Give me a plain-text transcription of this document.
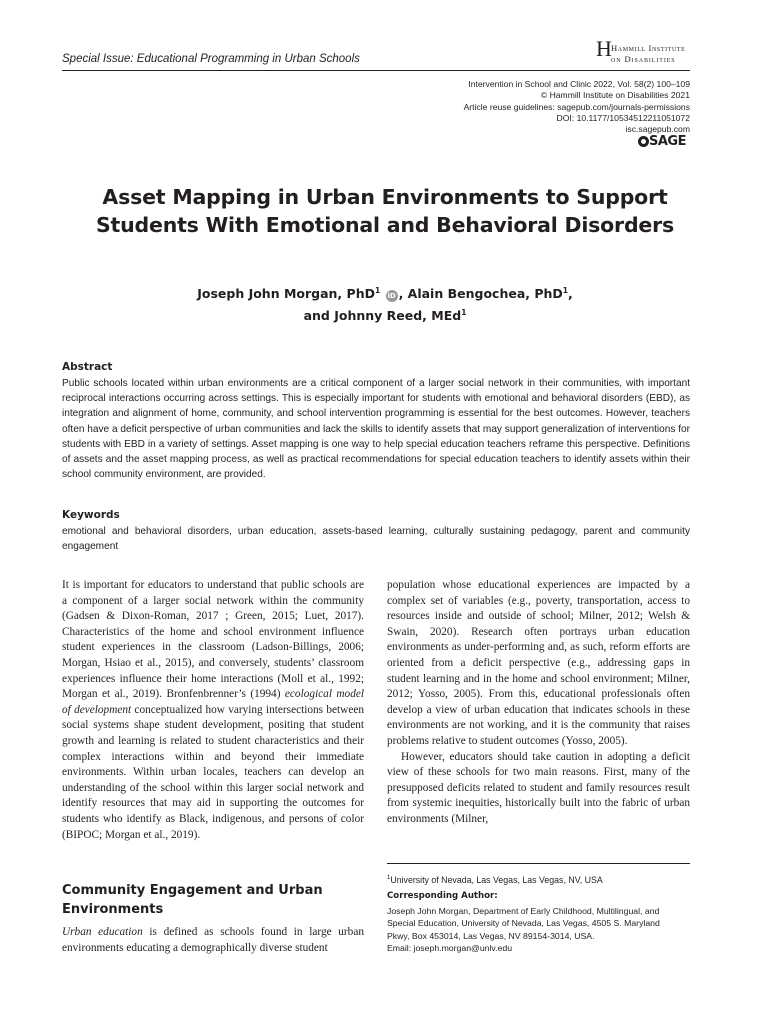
Special Issue: Educational Programming in Urban Schools	H Hammill Institute
on Disabilities
Intervention in School and Clinic 2022, Vol. 58(2) 100–109
© Hammill Institute on Disabilities 2021
Article reuse guidelines: sagepub.com/journals-permissions
DOI: 10.1177/10534512211051072
isc.sagepub.com
SAGE
Asset Mapping in Urban Environments to Support
Students With Emotional and Behavioral Disorders
Joseph John Morgan, PhD$^1$ iD , Alain Bengochea, PhD$^1$,
and Johnny Reed, MEd$^1$
Abstract
Public schools located within urban environments are a critical component of a larger social network in their communities, with important reciprocal interactions occurring across settings. This is especially important for students with emotional and behavioral disorders (EBD), as integration and alignment of home, community, and school intervention programming is essential for the best outcomes. However, teachers often have a deficit perspective of urban communities and lack the skills to identify assets that may support generalization of interventions for students with EBD in a variety of settings. Asset mapping is one way to help special education teachers reframe this perspective. Definitions of assets and the asset mapping process, as well as practical recommendations for special education teachers to identify assets within their school community environment, are provided.
Keywords
emotional and behavioral disorders, urban education, assets-based learning, culturally sustaining pedagogy, parent and community engagement

It is important for educators to understand that public schools are a component of a larger social network within the community (Gadsen & Dixon-Roman, 2017 ; Green, 2015; Luet, 2017). Characteristics of the home and school environment influence student experiences in the classroom (Ladson-Billings, 2006; Morgan, Hsiao et al., 2015), and conversely, students’ classroom experiences influence their home interactions (Moll et al., 1992; Morgan et al., 2019). Bronfenbrenner’s (1994) ecological model of development conceptualized how varying intersections between social systems shape student development, positing that student growth and learning is related to student characteristics and their complex interactions within and beyond their immediate environments. Within urban locales, teachers can develop an understanding of the school within this larger social network and identify resources that may aid in supporting the outcomes for students who identify as Black, indigenous, and persons of color (BIPOC; Morgan et al., 2019).

Community Engagement and Urban Environments

Urban education is defined as schools found in large urban environments educating a demographically diverse student

population whose educational experiences are impacted by a complex set of variables (e.g., poverty, transportation, access to resources inside and outside of school; Milner, 2012; Welsh & Swain, 2020). Research often portrays urban education environments as under-performing and, as such, reform efforts are oriented from a deficit perspective (e.g., addressing gaps in student learning and in the home and school environment; Milner, 2012; Yosso, 2005). From this, educational professionals often develop a view of urban education that indicates schools in these environments are not working, and it is the community that raises problems relative to student outcomes (Yosso, 2005).

However, educators should take caution in adopting a deficit view of these schools for two main reasons. First, many of the presupposed deficits related to student and family resources result from systemic inequities, historically built into the fabric of urban environments (Milner,

$^1$University of Nevada, Las Vegas, Las Vegas, NV, USA
Corresponding Author:
Joseph John Morgan, Department of Early Childhood, Multilingual, and
Special Education, University of Nevada, Las Vegas, 4505 S. Maryland
Pkwy, Box 453014, Las Vegas, NV 89154-3014, USA.
Email: joseph.morgan@unlv.edu
